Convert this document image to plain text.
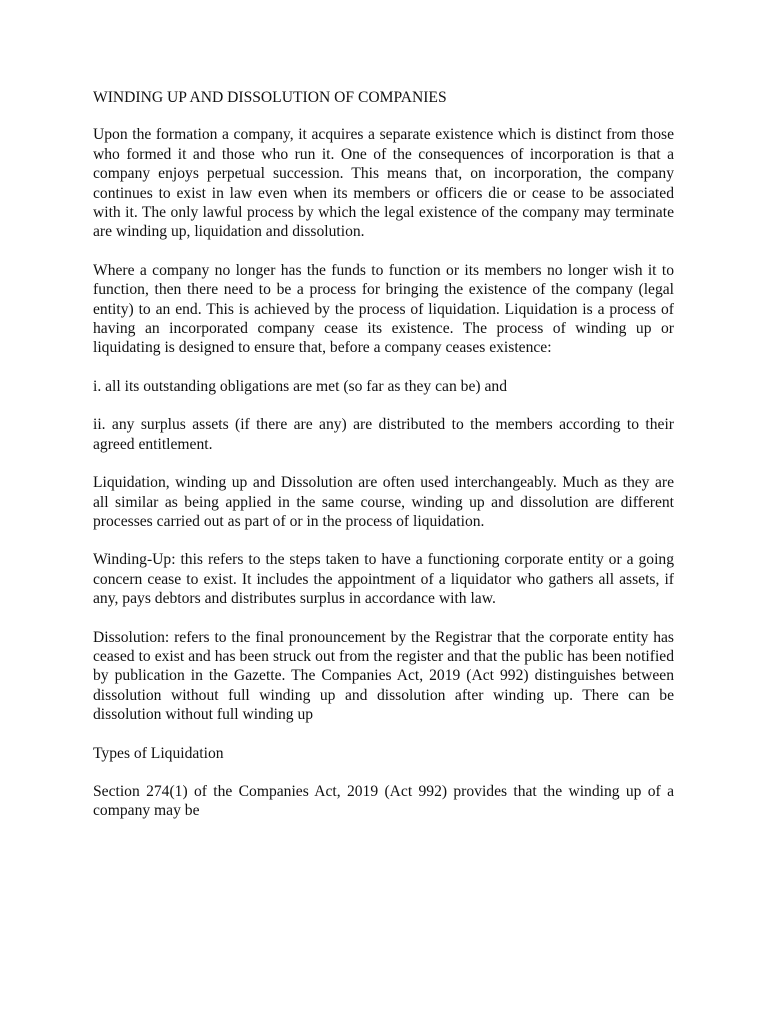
WINDING UP AND DISSOLUTION OF COMPANIES

Upon the formation a company, it acquires a separate existence which is distinct from those who formed it and those who run it. One of the consequences of incorporation is that a company enjoys perpetual succession. This means that, on incorporation, the company continues to exist in law even when its members or officers die or cease to be associated with it. The only lawful process by which the legal existence of the company may terminate are winding up, liquidation and dissolution.

Where a company no longer has the funds to function or its members no longer wish it to function, then there need to be a process for bringing the existence of the company (legal entity) to an end. This is achieved by the process of liquidation. Liquidation is a process of having an incorporated company cease its existence. The process of winding up or liquidating is designed to ensure that, before a company ceases existence:

i. all its outstanding obligations are met (so far as they can be) and

ii. any surplus assets (if there are any) are distributed to the members according to their agreed entitlement.

Liquidation, winding up and Dissolution are often used interchangeably. Much as they are all similar as being applied in the same course, winding up and dissolution are different processes carried out as part of or in the process of liquidation.

Winding-Up: this refers to the steps taken to have a functioning corporate entity or a going concern cease to exist. It includes the appointment of a liquidator who gathers all assets, if any, pays debtors and distributes surplus in accordance with law.

Dissolution: refers to the final pronouncement by the Registrar that the corporate entity has ceased to exist and has been struck out from the register and that the public has been notified by publication in the Gazette. The Companies Act, 2019 (Act 992) distinguishes between dissolution without full winding up and dissolution after winding up. There can be dissolution without full winding up

Types of Liquidation

Section 274(1) of the Companies Act, 2019 (Act 992) provides that the winding up of a company may be
